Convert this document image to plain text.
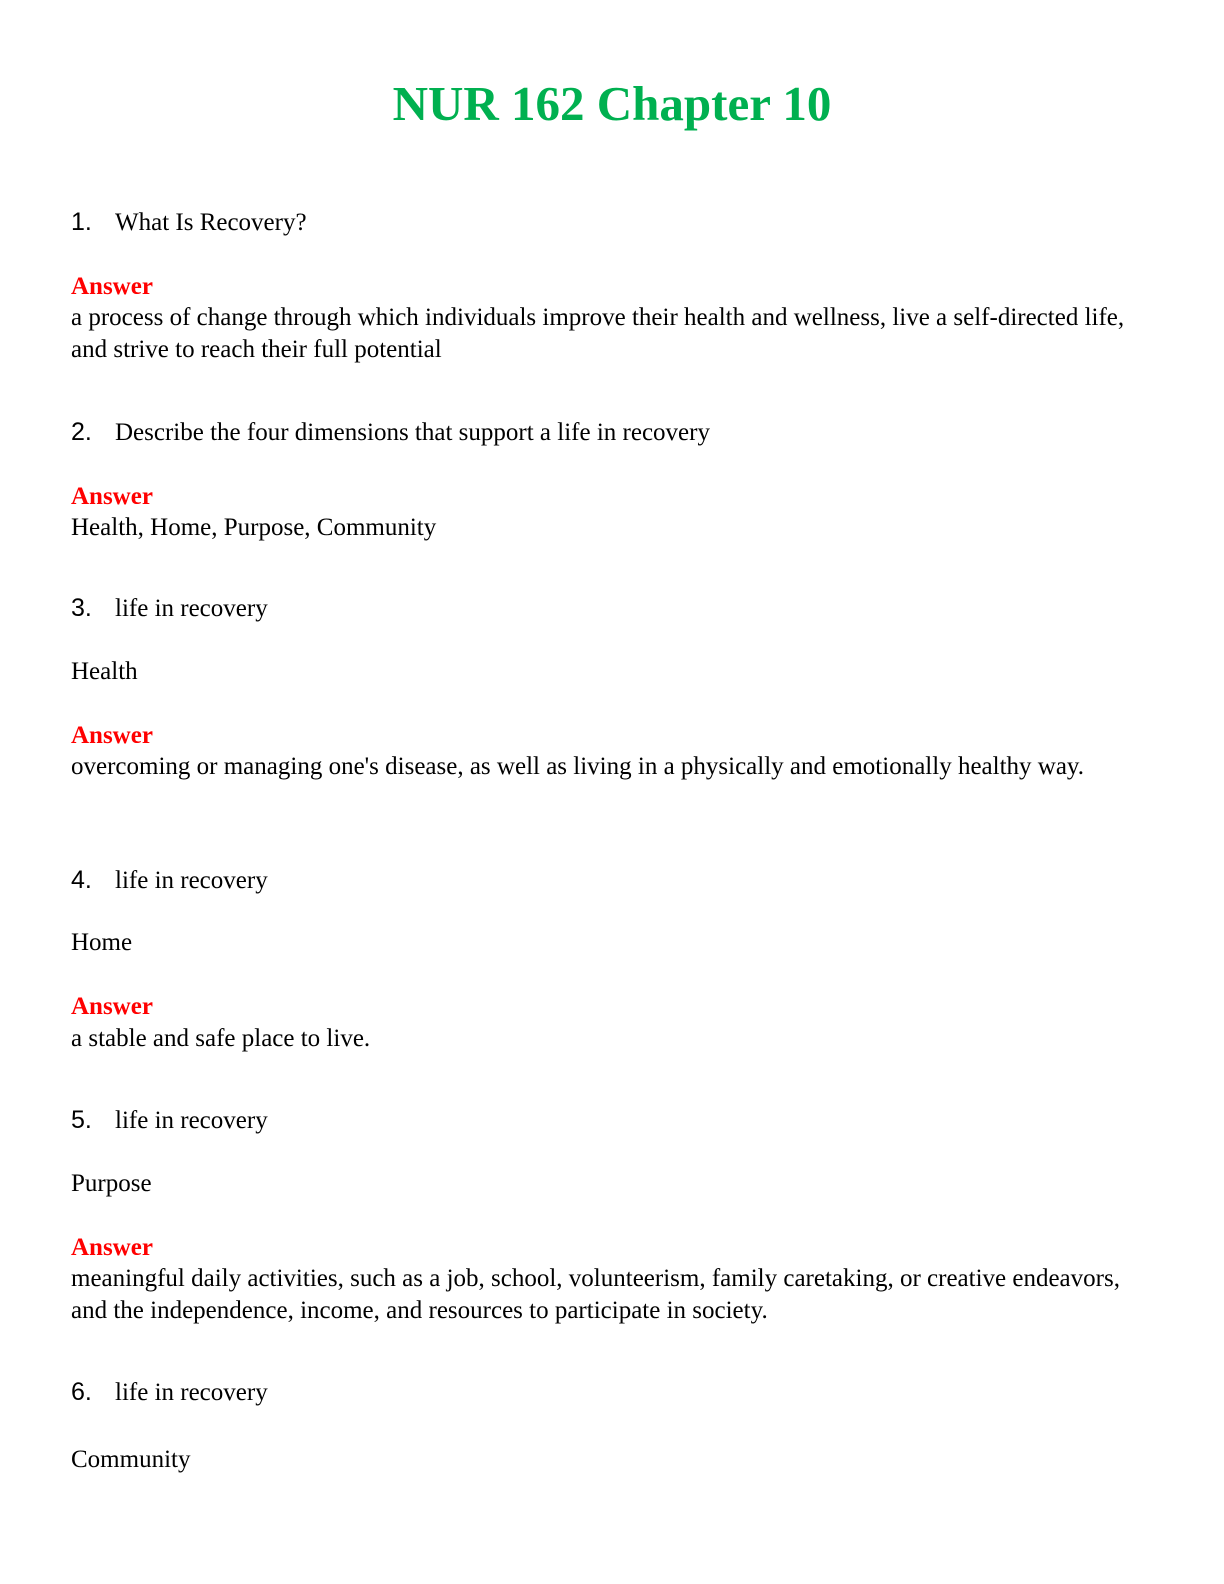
NUR 162 Chapter 10
1. What Is Recovery?
Answer
a process of change through which individuals improve their health and wellness, live a self-directed life, and strive to reach their full potential
2. Describe the four dimensions that support a life in recovery
Answer
Health, Home, Purpose, Community
3. life in recovery
Health
Answer
overcoming or managing one's disease, as well as living in a physically and emotionally healthy way.
4. life in recovery
Home
Answer
a stable and safe place to live.
5. life in recovery
Purpose
Answer
meaningful daily activities, such as a job, school, volunteerism, family caretaking, or creative endeavors, and the independence, income, and resources to participate in society.
6. life in recovery
Community
